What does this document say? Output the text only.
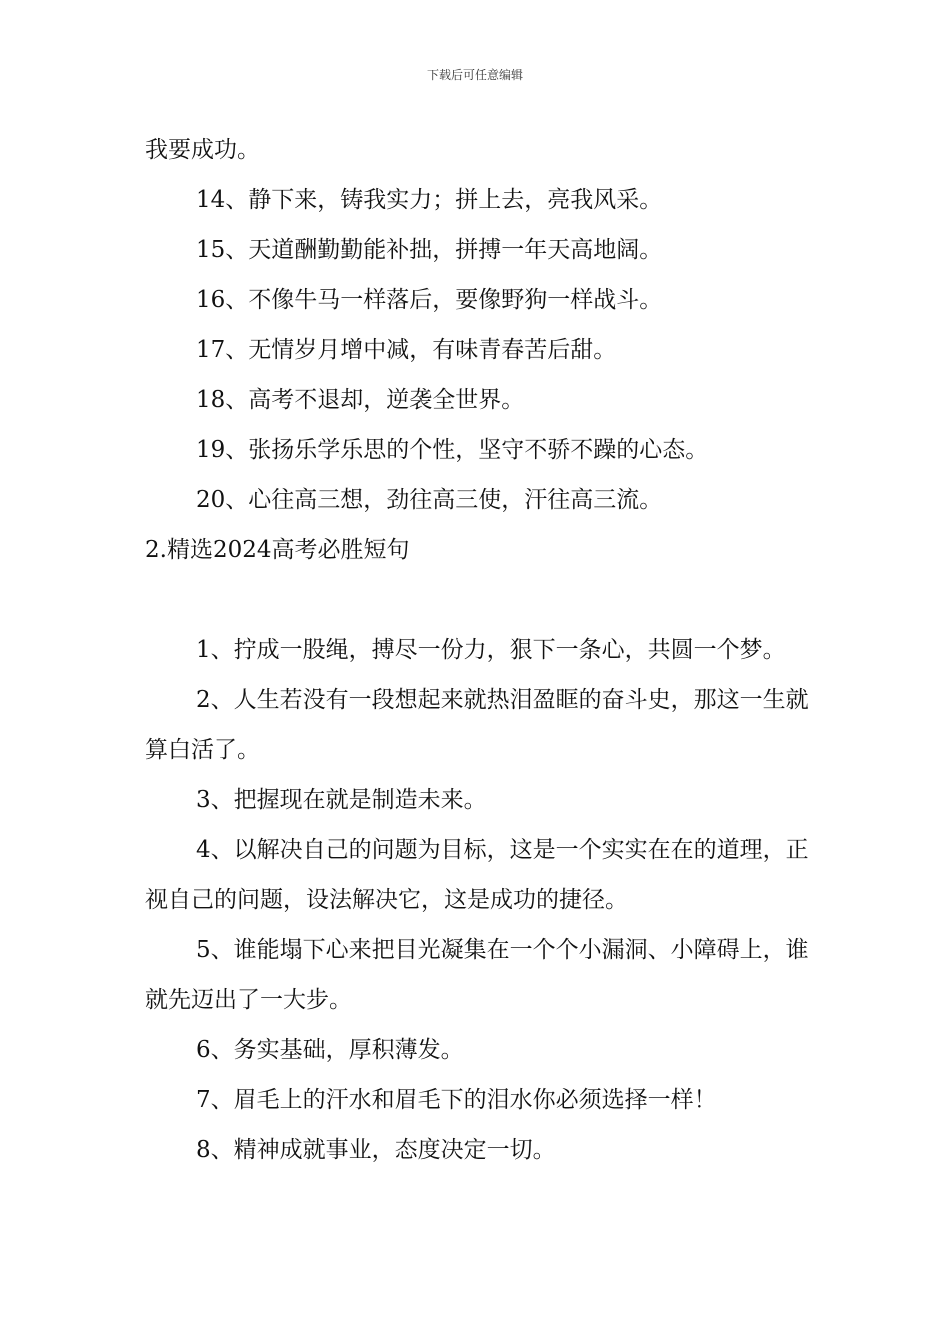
下载后可任意编辑

我要成功。

14、静下来，铸我实力；拼上去，亮我风采。

15、天道酬勤勤能补拙，拼搏一年天高地阔。

16、不像牛马一样落后，要像野狗一样战斗。

17、无情岁月增中减，有味青春苦后甜。

18、高考不退却，逆袭全世界。

19、张扬乐学乐思的个性，坚守不骄不躁的心态。

20、心往高三想，劲往高三使，汗往高三流。

2.精选2024高考必胜短句

1、拧成一股绳，搏尽一份力，狠下一条心，共圆一个梦。

2、人生若没有一段想起来就热泪盈眶的奋斗史，那这一生就算白活了。

3、把握现在就是制造未来。

4、以解决自己的问题为目标，这是一个实实在在的道理，正视自己的问题，设法解决它，这是成功的捷径。

5、谁能塌下心来把目光凝集在一个个小漏洞、小障碍上，谁就先迈出了一大步。

6、务实基础，厚积薄发。

7、眉毛上的汗水和眉毛下的泪水你必须选择一样！

8、精神成就事业，态度决定一切。
